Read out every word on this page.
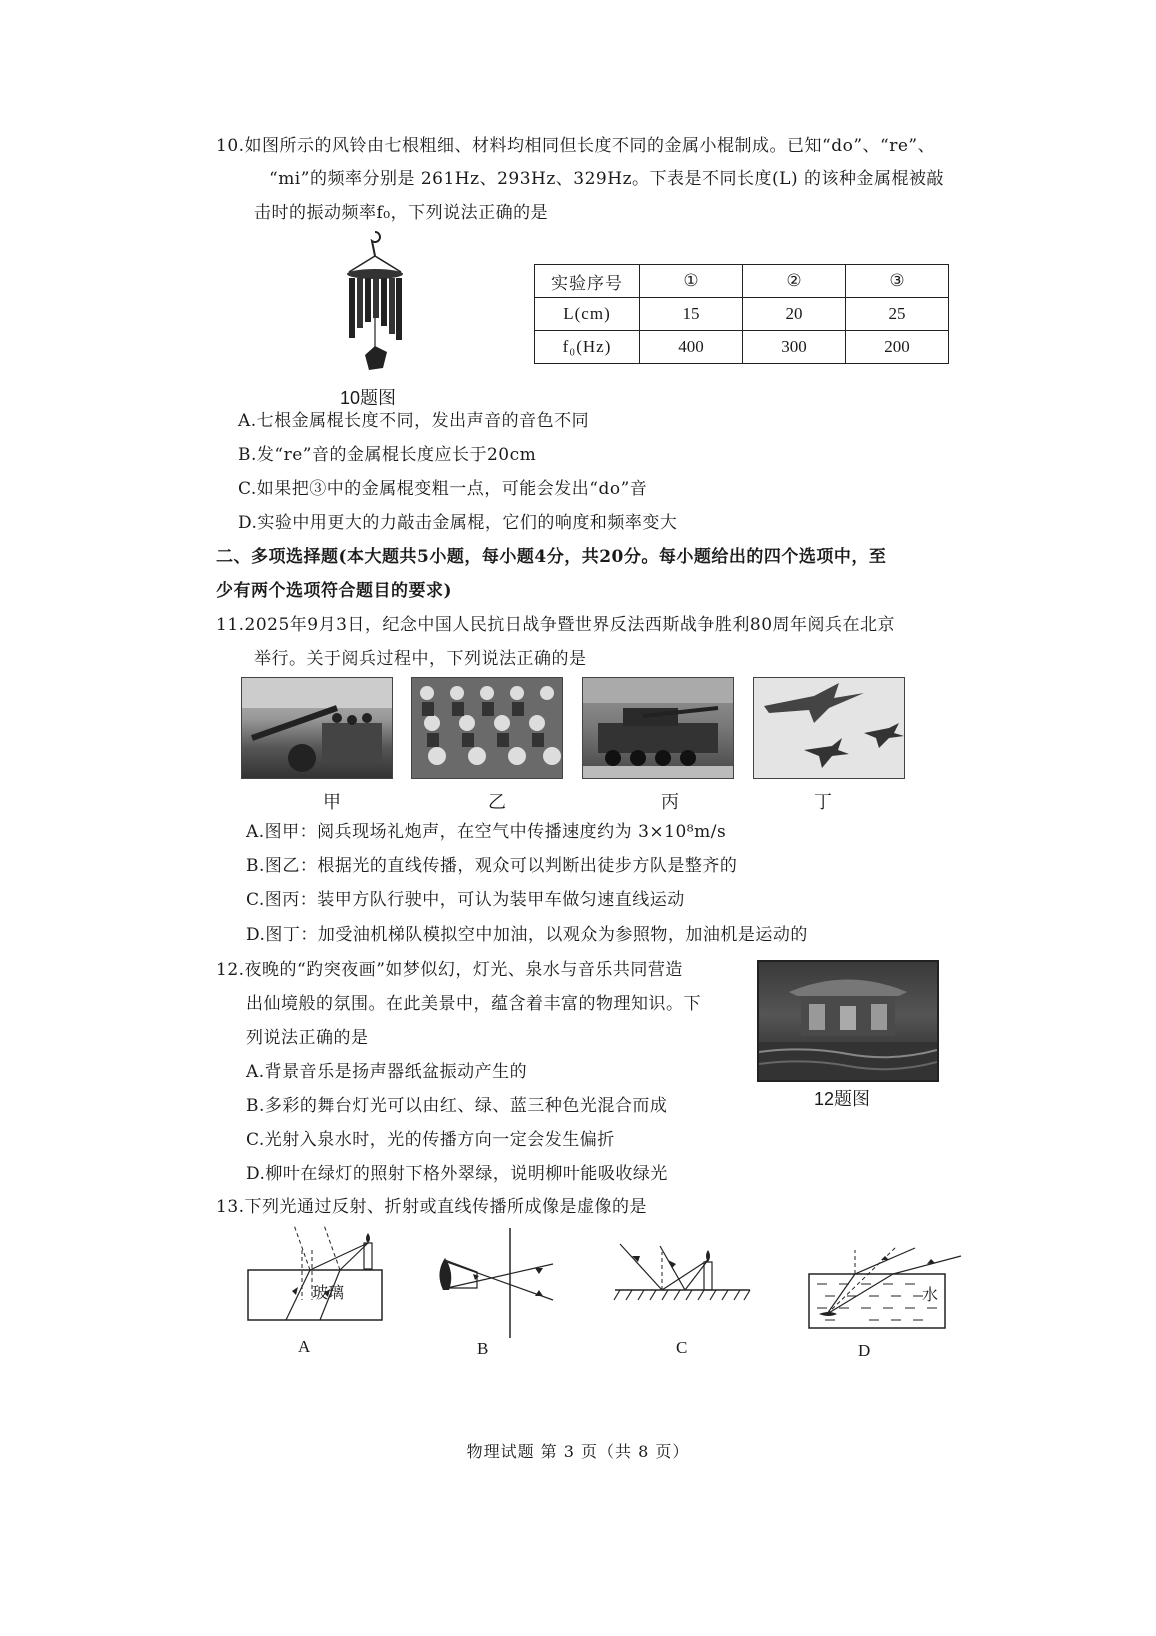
10.如图所示的风铃由七根粗细、材料均相同但长度不同的金属小棍制成。已知“do”、“re”、
“mi”的频率分别是 261Hz、293Hz、329Hz。下表是不同长度(L) 的该种金属棍被敲
击时的振动频率f₀，下列说法正确的是
10题图
实验序号	①	②	③
L(cm)	15	20	25
f₀(Hz)	400	300	200
A.七根金属棍长度不同，发出声音的音色不同
B.发“re”音的金属棍长度应长于20cm
C.如果把③中的金属棍变粗一点，可能会发出“do”音
D.实验中用更大的力敲击金属棍，它们的响度和频率变大
二、多项选择题(本大题共5小题，每小题4分，共20分。每小题给出的四个选项中，至
少有两个选项符合题目的要求)
11.2025年9月3日，纪念中国人民抗日战争暨世界反法西斯战争胜利80周年阅兵在北京
举行。关于阅兵过程中，下列说法正确的是
甲	乙	丙	丁
A.图甲：阅兵现场礼炮声，在空气中传播速度约为 3×10⁸m/s
B.图乙：根据光的直线传播，观众可以判断出徒步方队是整齐的
C.图丙：装甲方队行驶中，可认为装甲车做匀速直线运动
D.图丁：加受油机梯队模拟空中加油，以观众为参照物，加油机是运动的
12.夜晚的“趵突夜画”如梦似幻，灯光、泉水与音乐共同营造
出仙境般的氛围。在此美景中，蕴含着丰富的物理知识。下
列说法正确的是
A.背景音乐是扬声器纸盆振动产生的
B.多彩的舞台灯光可以由红、绿、蓝三种色光混合而成
C.光射入泉水时，光的传播方向一定会发生偏折
D.柳叶在绿灯的照射下格外翠绿，说明柳叶能吸收绿光
12题图
13.下列光通过反射、折射或直线传播所成像是虚像的是
玻璃	水
A	B	C	D
物理试题 第 3 页（共 8 页）
